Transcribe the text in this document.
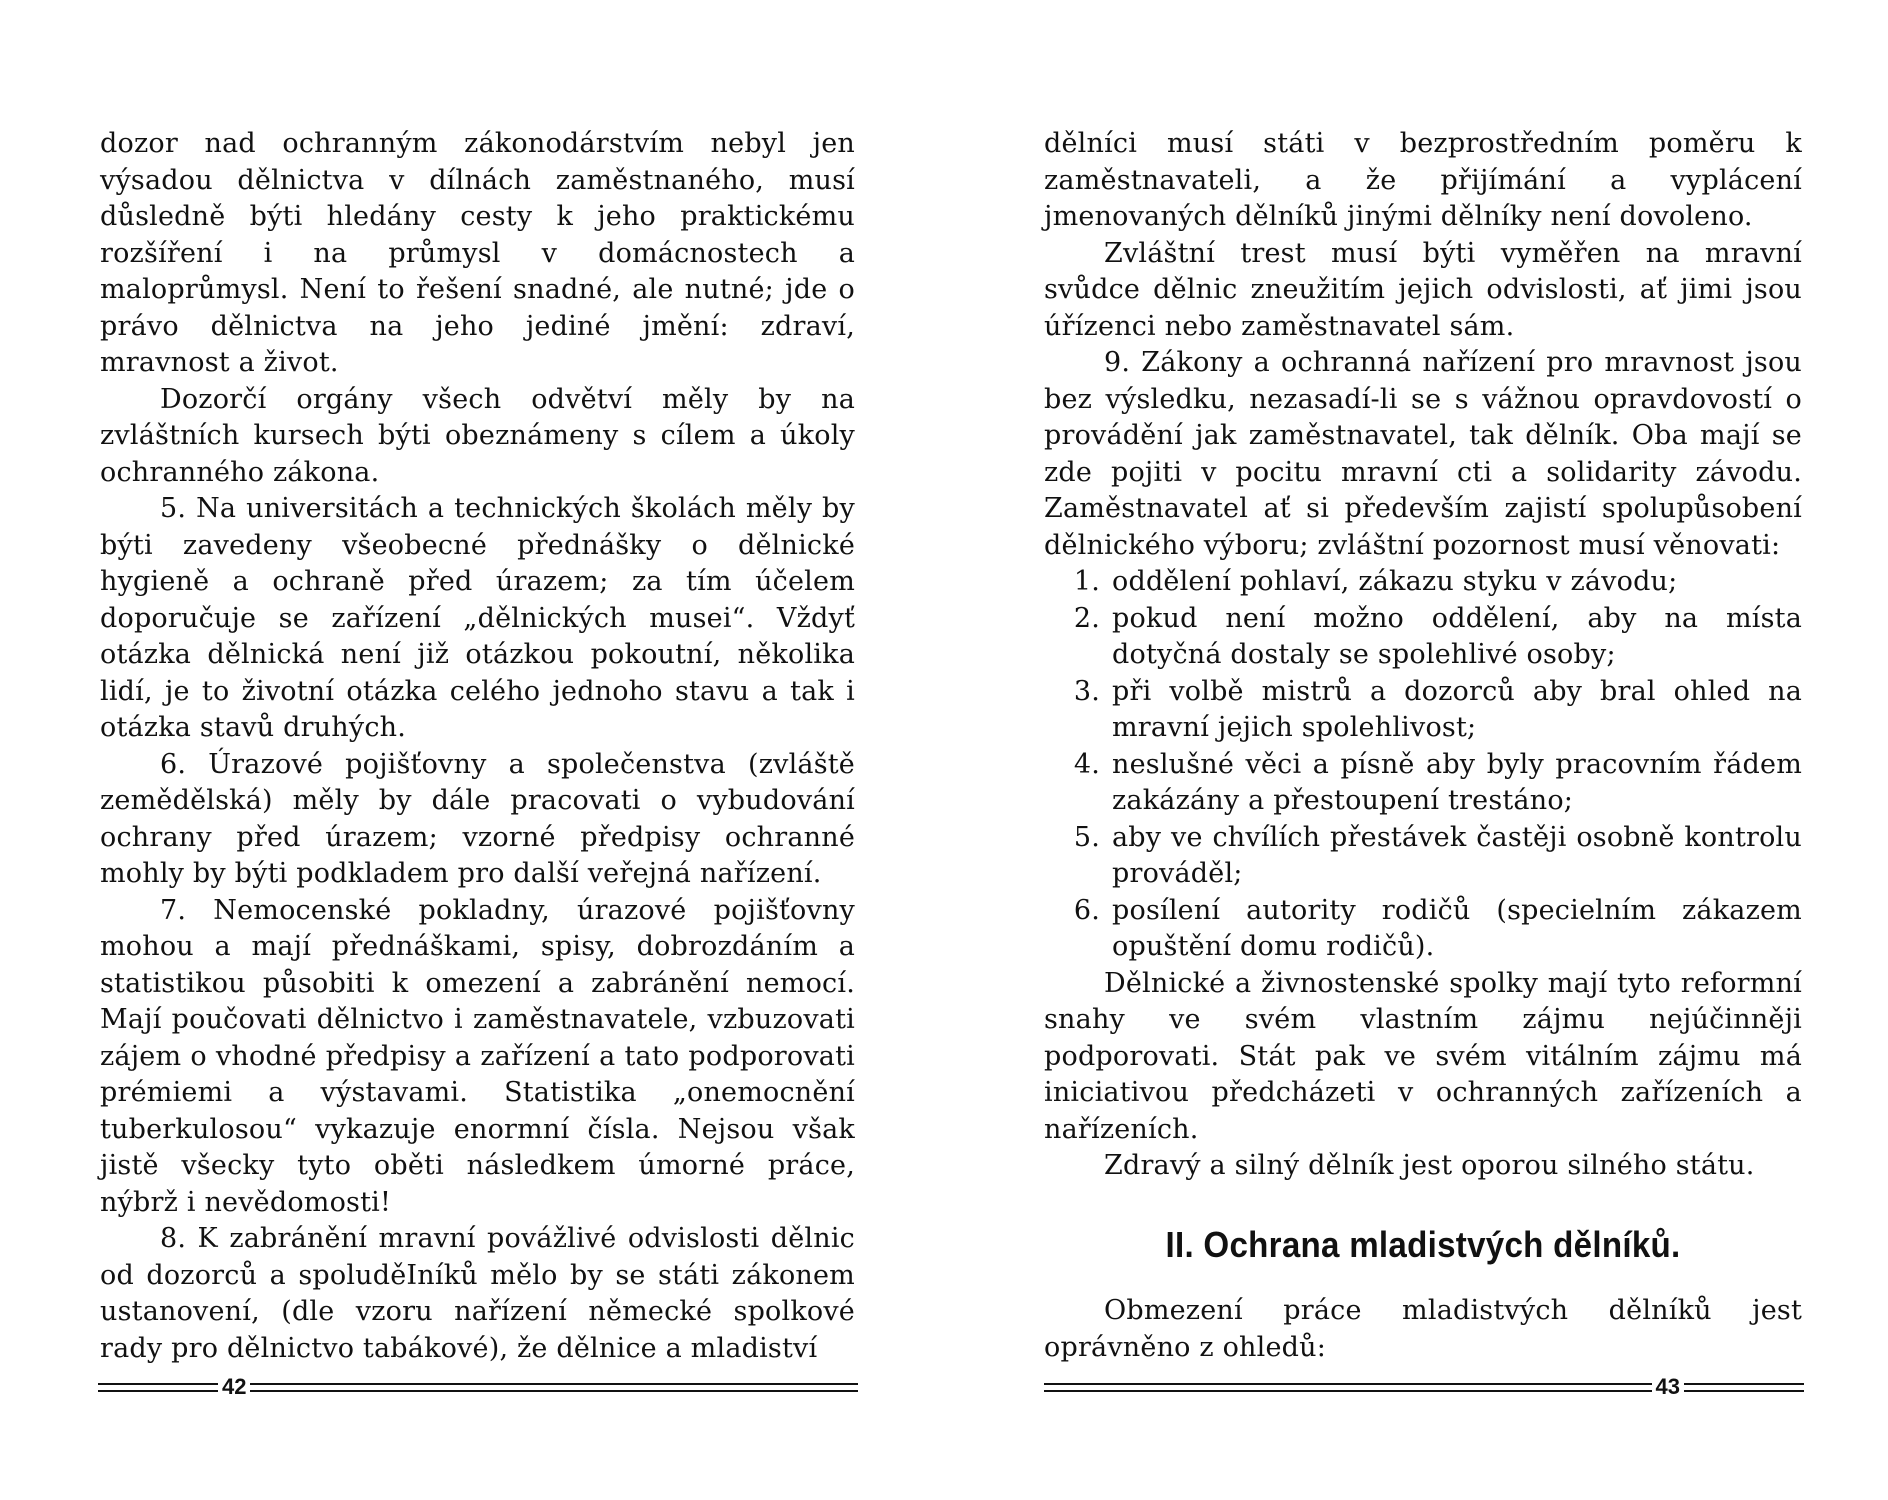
dozor nad ochranným zákonodárstvím nebyl jen výsadou dělnictva v dílnách zaměstnaného, musí důsledně býti hledány cesty k jeho praktickému rozšíření i na průmysl v domácnostech a maloprůmysl. Není to řešení snadné, ale nutné; jde o právo dělnictva na jeho jediné jmění: zdraví, mravnost a život.

Dozorčí orgány všech odvětví měly by na zvláštních kursech býti obeznámeny s cílem a úkoly ochranného zákona.

5. Na universitách a technických školách měly by býti zavedeny všeobecné přednášky o dělnické hygieně a ochraně před úrazem; za tím účelem doporučuje se zařízení „dělnických musei“. Vždyť otázka dělnická není již otázkou pokoutní, několika lidí, je to životní otázka celého jednoho stavu a tak i otázka stavů druhých.

6. Úrazové pojišťovny a společenstva (zvláště zemědělská) měly by dále pracovati o vybudování ochrany před úrazem; vzorné předpisy ochranné mohly by býti podkladem pro další veřejná nařízení.

7. Nemocenské pokladny, úrazové pojišťovny mohou a mají přednáškami, spisy, dobrozdáním a statistikou působiti k omezení a zabránění nemocí. Mají poučovati dělnictvo i zaměstnavatele, vzbuzovati zájem o vhodné předpisy a zařízení a tato podporovati prémiemi a výstavami. Statistika „onemocnění tuberkulosou“ vykazuje enormní čísla. Nejsou však jistě všecky tyto oběti následkem úmorné práce, nýbrž i nevědomosti!

8. K zabránění mravní povážlivé odvislosti dělnic od dozorců a spoluděIníků mělo by se státi zákonem ustanovení, (dle vzoru nařízení německé spolkové rady pro dělnictvo tabákové), že dělnice a mladiství

42

dělníci musí státi v bezprostředním poměru k zaměstnavateli, a že přijímání a vyplácení jmenovaných dělníků jinými dělníky není dovoleno.

Zvláštní trest musí býti vyměřen na mravní svůdce dělnic zneužitím jejich odvislosti, ať jimi jsou úřízenci nebo zaměstnavatel sám.

9. Zákony a ochranná nařízení pro mravnost jsou bez výsledku, nezasadí-li se s vážnou opravdovostí o provádění jak zaměstnavatel, tak dělník. Oba mají se zde pojiti v pocitu mravní cti a solidarity závodu. Zaměstnavatel ať si především zajistí spolupůsobení dělnického výboru; zvláštní pozornost musí věnovati:

1. oddělení pohlaví, zákazu styku v závodu;
2. pokud není možno oddělení, aby na místa dotyčná dostaly se spolehlivé osoby;
3. při volbě mistrů a dozorců aby bral ohled na mravní jejich spolehlivost;
4. neslušné věci a písně aby byly pracovním řádem zakázány a přestoupení trestáno;
5. aby ve chvílích přestávek častěji osobně kontrolu prováděl;
6. posílení autority rodičů (specielním zákazem opuštění domu rodičů).

Dělnické a živnostenské spolky mají tyto reformní snahy ve svém vlastním zájmu nejúčinněji podporovati. Stát pak ve svém vitálním zájmu má iniciativou předcházeti v ochranných zařízeních a nařízeních.

Zdravý a silný dělník jest oporou silného státu.

II. Ochrana mladistvých dělníků.

Obmezení práce mladistvých dělníků jest oprávněno z ohledů:

43
